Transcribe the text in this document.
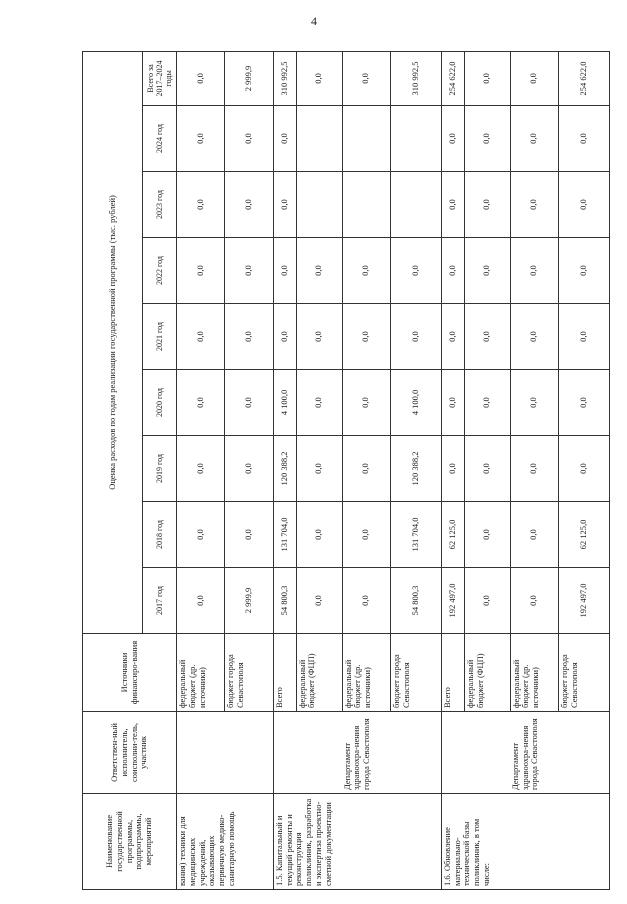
4
Наименование государственной программы, подпрограммы, мероприятий	Ответствен-ный исполнитель, соисполни-тель, участник	Источники финансиро-вания	Оценка расходов по годам реализации государственной программы (тыс. рублей)								
			2017 год	2018 год	2019 год	2020 год	2021 год	2022 год	2023 год	2024 год	Всего за 2017–2024 годы
вания) техники для медицинских учреждений, оказывающих первичную медико-санитарную помощь		федеральный бюджет (др. источники)	0,0	0,0	0,0	0,0	0,0	0,0	0,0	0,0	0,0
		бюджет города Севастополя	2 999,9	0,0	0,0	0,0	0,0	0,0	0,0	0,0	2 999,9
1.5. Капитальный и текущий ремонты и реконструкция поликлиник, разработка и экспертиза проектно-сметной документации	Департамент здравоохра-нения города Севастополя	Всего	54 800,3	131 704,0	120 388,2	4 100,0	0,0	0,0	0,0	0,0	310 992,5
		федеральный бюджет (ФЦП)	0,0	0,0	0,0	0,0	0,0	0,0			0,0
		федеральный бюджет (др. источники)	0,0	0,0	0,0	0,0	0,0	0,0			0,0
		бюджет города Севастополя	54 800,3	131 704,0	120 388,2	4 100,0	0,0	0,0			310 992,5
1.6. Обновление материально-технической базы поликлиник, в том числе:	Департамент здравоохра-нения города Севастополя	Всего	192 497,0	62 125,0	0,0	0,0	0,0	0,0	0,0	0,0	254 622,0
		федеральный бюджет (ФЦП)	0,0	0,0	0,0	0,0	0,0	0,0	0,0	0,0	0,0
		федеральный бюджет (др. источники)	0,0	0,0	0,0	0,0	0,0	0,0	0,0	0,0	0,0
		бюджет города Севастополя	192 497,0	62 125,0	0,0	0,0	0,0	0,0	0,0	0,0	254 622,0
